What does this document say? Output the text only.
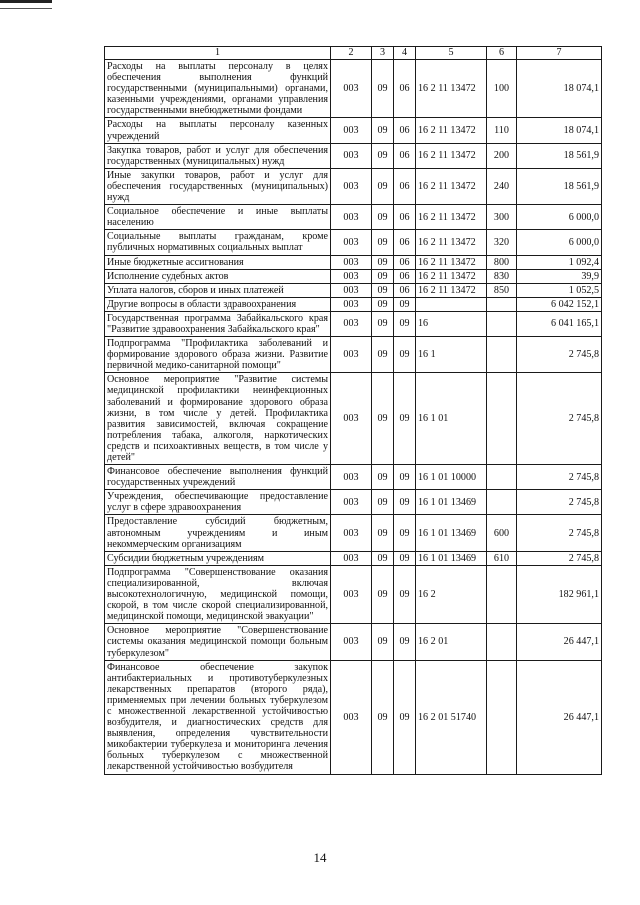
1	2	3	4	5	6	7
Расходы на выплаты персоналу в целях обеспечения выполнения функций государственными (муниципальными) органами, казенными учреждениями, органами управления государственными внебюджетными фондами	003	09	06	16 2 11 13472	100	18 074,1
Расходы на выплаты персоналу казенных учреждений	003	09	06	16 2 11 13472	110	18 074,1
Закупка товаров, работ и услуг для обеспечения государственных (муниципальных) нужд	003	09	06	16 2 11 13472	200	18 561,9
Иные закупки товаров, работ и услуг для обеспечения государственных (муниципальных) нужд	003	09	06	16 2 11 13472	240	18 561,9
Социальное обеспечение и иные выплаты населению	003	09	06	16 2 11 13472	300	6 000,0
Социальные выплаты гражданам, кроме публичных нормативных социальных выплат	003	09	06	16 2 11 13472	320	6 000,0
Иные бюджетные ассигнования	003	09	06	16 2 11 13472	800	1 092,4
Исполнение судебных актов	003	09	06	16 2 11 13472	830	39,9
Уплата налогов, сборов и иных платежей	003	09	06	16 2 11 13472	850	1 052,5
Другие вопросы в области здравоохранения	003	09	09			6 042 152,1
Государственная программа Забайкальского края "Развитие здравоохранения Забайкальского края"	003	09	09	16		6 041 165,1
Подпрограмма "Профилактика заболеваний и формирование здорового образа жизни. Развитие первичной медико-санитарной помощи"	003	09	09	16 1		2 745,8
Основное мероприятие "Развитие системы медицинской профилактики неинфекционных заболеваний и формирование здорового образа жизни, в том числе у детей. Профилактика развития зависимостей, включая сокращение потребления табака, алкоголя, наркотических средств и психоактивных веществ, в том числе у детей"	003	09	09	16 1 01		2 745,8
Финансовое обеспечение выполнения функций государственных учреждений	003	09	09	16 1 01 10000		2 745,8
Учреждения, обеспечивающие предоставление услуг в сфере здравоохранения	003	09	09	16 1 01 13469		2 745,8
Предоставление субсидий бюджетным, автономным учреждениям и иным некоммерческим организациям	003	09	09	16 1 01 13469	600	2 745,8
Субсидии бюджетным учреждениям	003	09	09	16 1 01 13469	610	2 745,8
Подпрограмма "Совершенствование оказания специализированной, включая высокотехнологичную, медицинской помощи, скорой, в том числе скорой специализированной, медицинской помощи, медицинской эвакуации"	003	09	09	16 2		182 961,1
Основное мероприятие "Совершенствование системы оказания медицинской помощи больным туберкулезом"	003	09	09	16 2 01		26 447,1
Финансовое обеспечение закупок антибактериальных и противотуберкулезных лекарственных препаратов (второго ряда), применяемых при лечении больных туберкулезом с множественной лекарственной устойчивостью возбудителя, и диагностических средств для выявления, определения чувствительности микобактерии туберкулеза и мониторинга лечения больных туберкулезом с множественной лекарственной устойчивостью возбудителя	003	09	09	16 2 01 51740		26 447,1
14
